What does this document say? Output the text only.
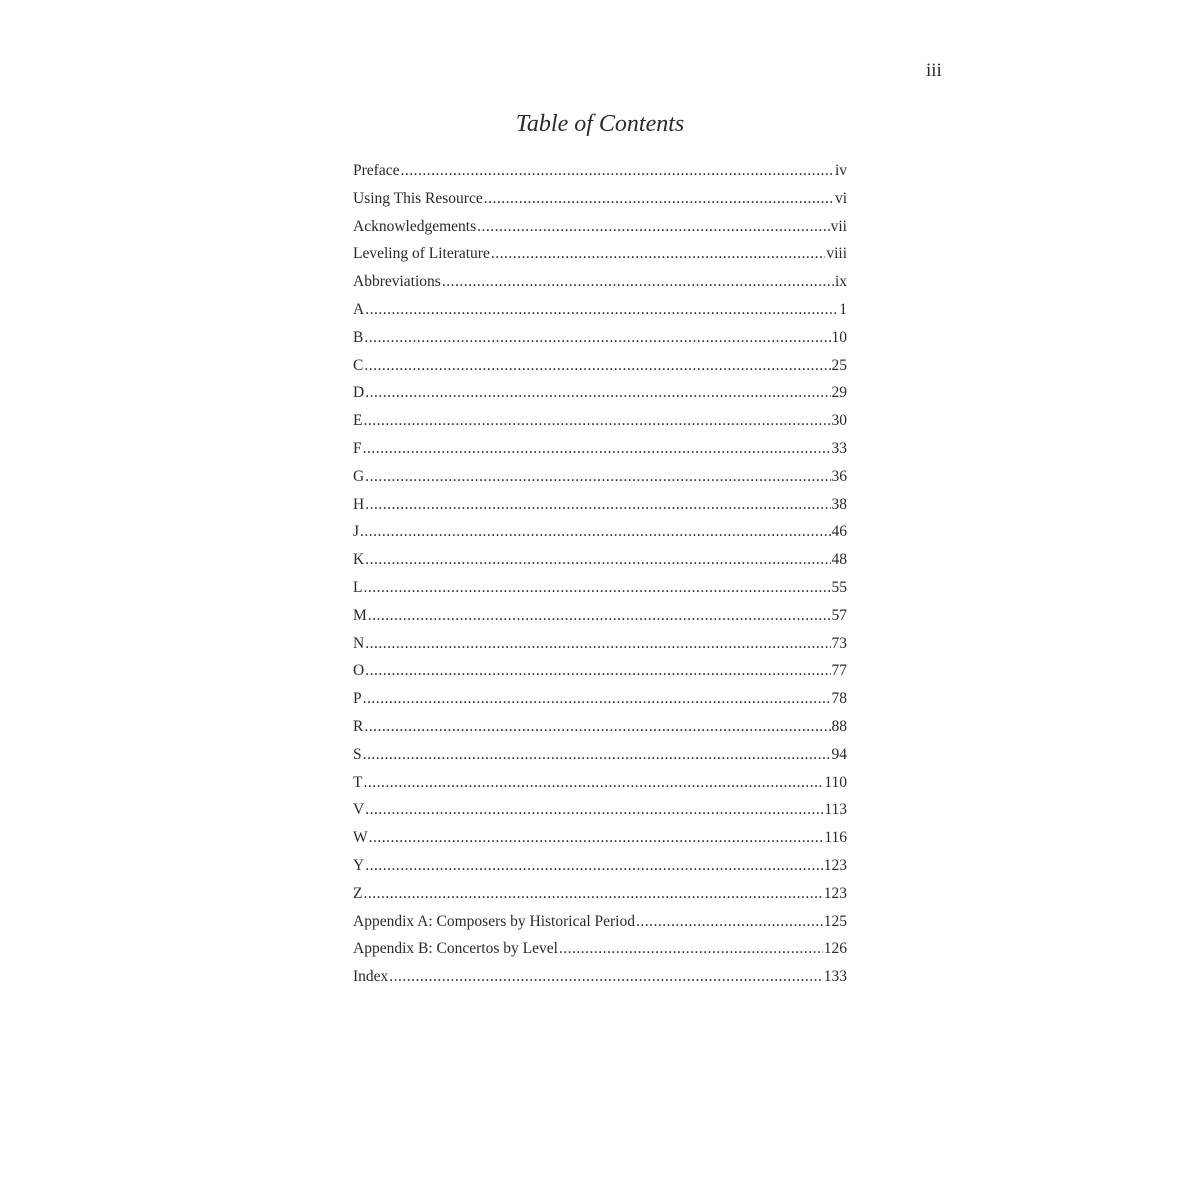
iii
Table of Contents
Preface .....	iv
Using This Resource .....	vi
Acknowledgements .....	vii
Leveling of Literature .....	viii
Abbreviations .....	ix
A .....	1
B .....	10
C .....	25
D .....	29
E .....	30
F .....	33
G .....	36
H .....	38
J .....	46
K .....	48
L .....	55
M .....	57
N .....	73
O .....	77
P .....	78
R .....	88
S .....	94
T .....	110
V .....	113
W .....	116
Y .....	123
Z .....	123
Appendix A: Composers by Historical Period .....	125
Appendix B: Concertos by Level .....	126
Index .....	133
